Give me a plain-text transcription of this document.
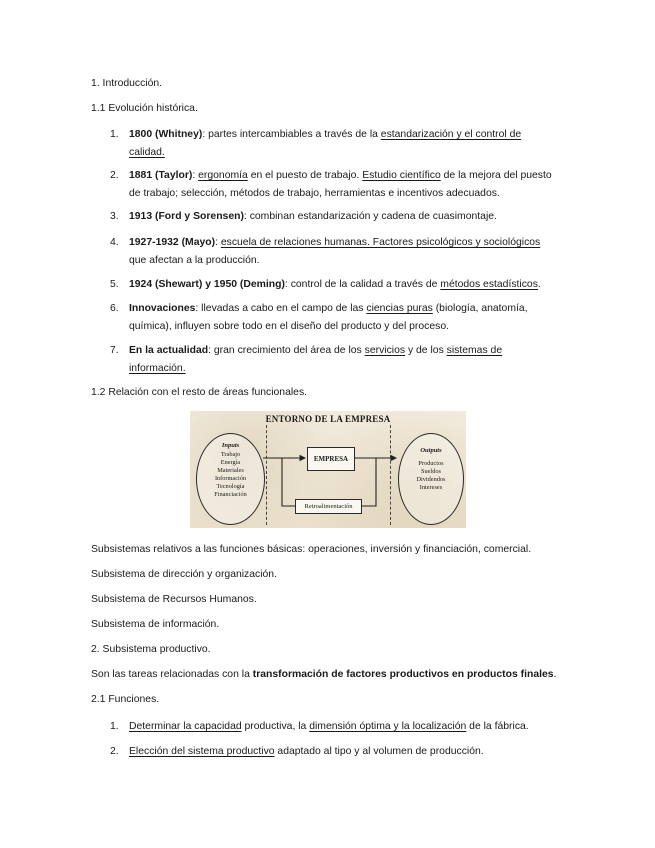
1. Introducción.
1.1 Evolución histórica.
1. 1800 (Whitney): partes intercambiables a través de la estandarización y el control de calidad.
2. 1881 (Taylor): ergonomía en el puesto de trabajo. Estudio científico de la mejora del puesto de trabajo; selección, métodos de trabajo, herramientas e incentivos adecuados.
3. 1913 (Ford y Sorensen): combinan estandarización y cadena de cuasimontaje.
4. 1927-1932 (Mayo): escuela de relaciones humanas. Factores psicológicos y sociológicos que afectan a la producción.
5. 1924 (Shewart) y 1950 (Deming): control de la calidad a través de métodos estadísticos.
6. Innovaciones: llevadas a cabo en el campo de las ciencias puras (biología, anatomía, química), influyen sobre todo en el diseño del producto y del proceso.
7. En la actualidad: gran crecimiento del área de los servicios y de los sistemas de información.
1.2 Relación con el resto de áreas funcionales.
ENTORNO DE LA EMPRESA
Inputs
Trabajo
Energía
Materiales
Información
Tecnología
Financiación
Outputs
Productos
Sueldos
Dividendos
Intereses
EMPRESA
Retroalimentación
Subsistemas relativos a las funciones básicas: operaciones, inversión y financiación, comercial.
Subsistema de dirección y organización.
Subsistema de Recursos Humanos.
Subsistema de información.
2. Subsistema productivo.
Son las tareas relacionadas con la transformación de factores productivos en productos finales.
2.1 Funciones.
1. Determinar la capacidad productiva, la dimensión óptima y la localización de la fábrica.
2. Elección del sistema productivo adaptado al tipo y al volumen de producción.
